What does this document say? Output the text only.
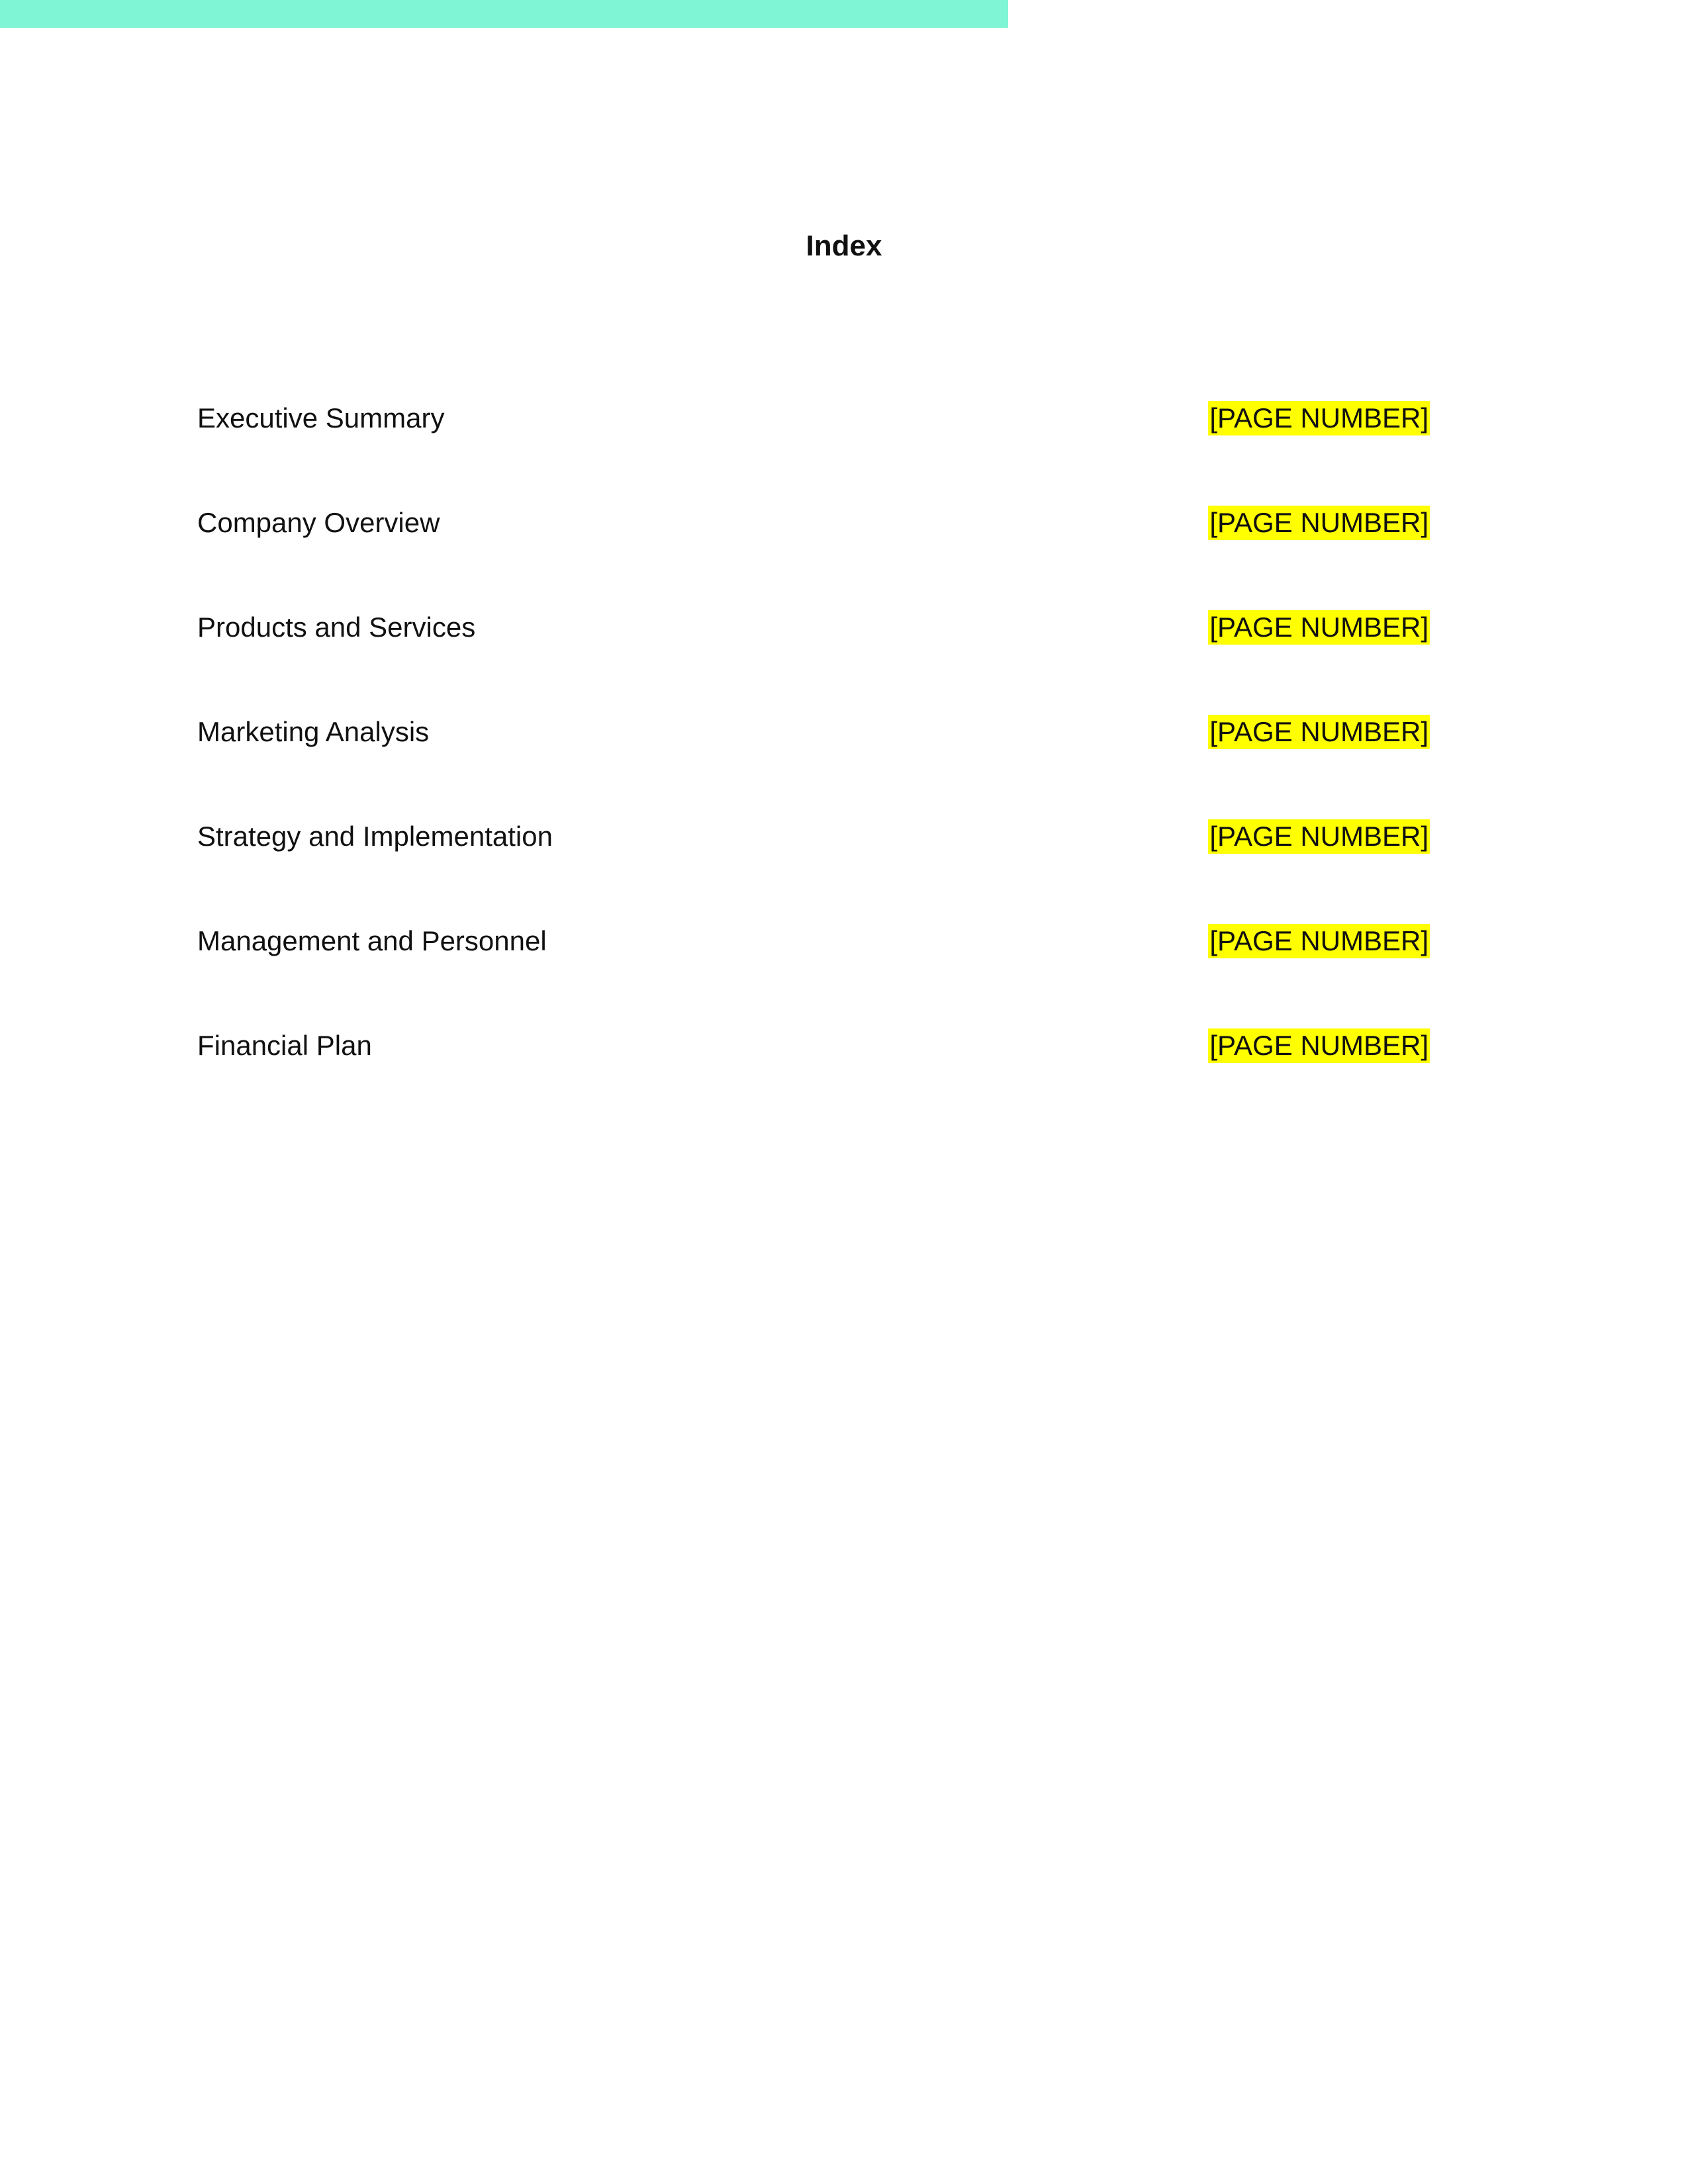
Index
Executive Summary	[PAGE NUMBER]
Company Overview	[PAGE NUMBER]
Products and Services	[PAGE NUMBER]
Marketing Analysis	[PAGE NUMBER]
Strategy and Implementation	[PAGE NUMBER]
Management and Personnel	[PAGE NUMBER]
Financial Plan	[PAGE NUMBER]
